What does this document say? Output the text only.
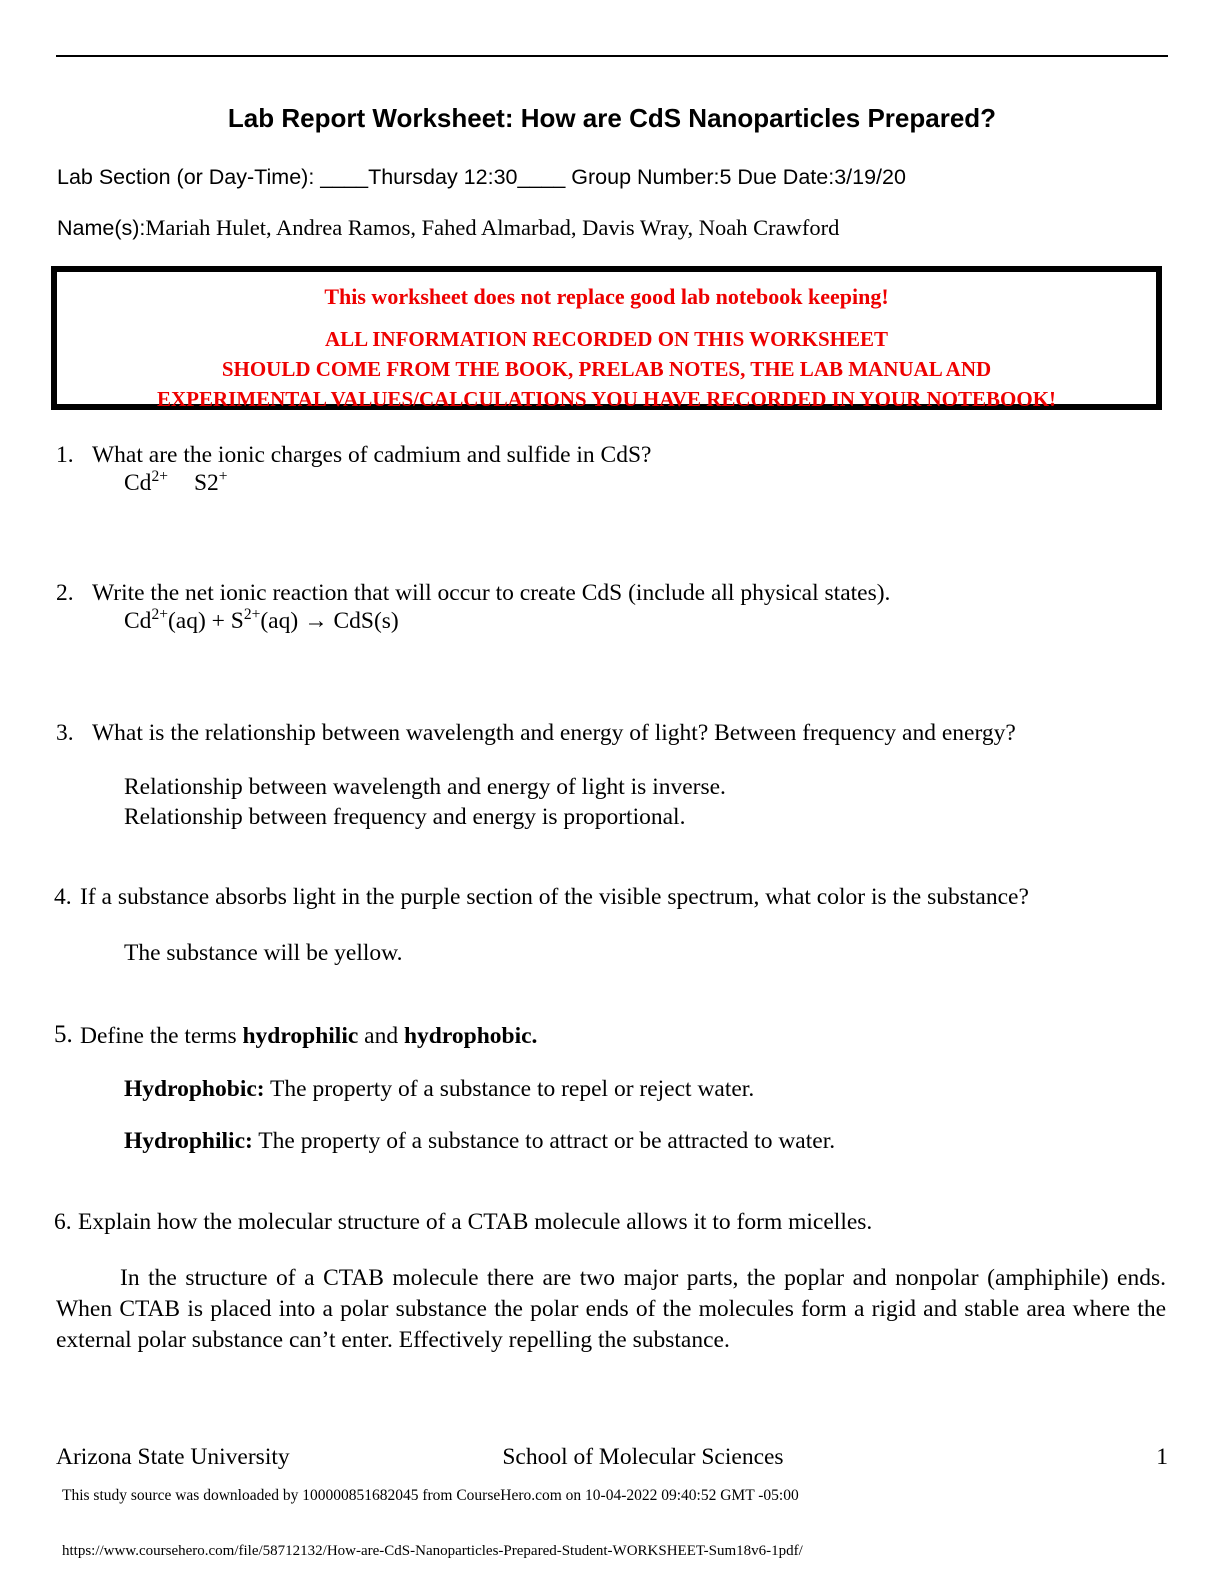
Lab Report Worksheet: How are CdS Nanoparticles Prepared?
Lab Section (or Day-Time): ____Thursday 12:30____ Group Number:5 Due Date:3/19/20
Name(s):Mariah Hulet, Andrea Ramos, Fahed Almarbad, Davis Wray, Noah Crawford
This worksheet does not replace good lab notebook keeping!
ALL INFORMATION RECORDED ON THIS WORKSHEET
SHOULD COME FROM THE BOOK, PRELAB NOTES, THE LAB MANUAL AND
EXPERIMENTAL VALUES/CALCULATIONS YOU HAVE RECORDED IN YOUR NOTEBOOK!
1. What are the ionic charges of cadmium and sulfide in CdS?
$Cd^{2+}$ S2+
2. Write the net ionic reaction that will occur to create CdS (include all physical states).
$Cd^{2+}(aq) + S^{2+}(aq) \to CdS(s)$
3. What is the relationship between wavelength and energy of light? Between frequency and energy?
Relationship between wavelength and energy of light is inverse.
Relationship between frequency and energy is proportional.
4. If a substance absorbs light in the purple section of the visible spectrum, what color is the substance?
The substance will be yellow.
5. Define the terms hydrophilic and hydrophobic.
Hydrophobic: The property of a substance to repel or reject water.
Hydrophilic: The property of a substance to attract or be attracted to water.
6. Explain how the molecular structure of a CTAB molecule allows it to form micelles.
In the structure of a CTAB molecule there are two major parts, the poplar and nonpolar (amphiphile) ends. When CTAB is placed into a polar substance the polar ends of the molecules form a rigid and stable area where the external polar substance can’t enter. Effectively repelling the substance.
Arizona State University	School of Molecular Sciences	1
This study source was downloaded by 100000851682045 from CourseHero.com on 10-04-2022 09:40:52 GMT -05:00
https://www.coursehero.com/file/58712132/How-are-CdS-Nanoparticles-Prepared-Student-WORKSHEET-Sum18v6-1pdf/
